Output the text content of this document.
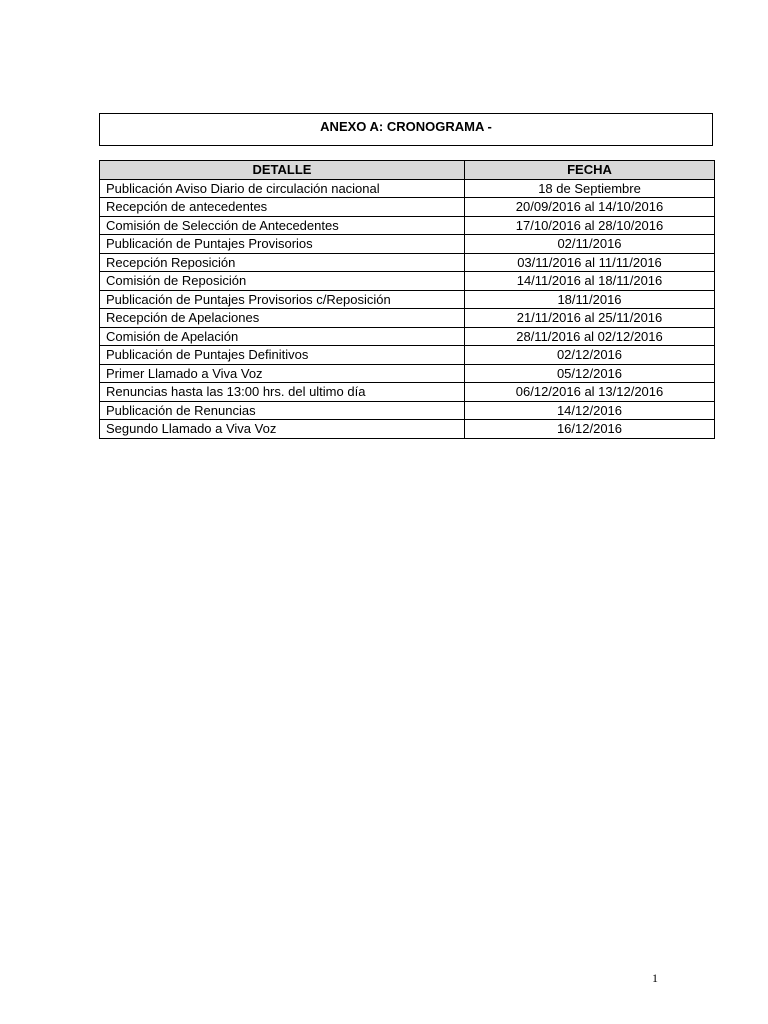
ANEXO A: CRONOGRAMA -
DETALLE	FECHA
Publicación Aviso Diario de circulación nacional	18 de Septiembre
Recepción de antecedentes	20/09/2016 al 14/10/2016
Comisión de Selección de Antecedentes	17/10/2016 al 28/10/2016
Publicación de Puntajes Provisorios	02/11/2016
Recepción Reposición	03/11/2016 al 11/11/2016
Comisión de Reposición	14/11/2016 al 18/11/2016
Publicación de Puntajes Provisorios c/Reposición	18/11/2016
Recepción de Apelaciones	21/11/2016 al 25/11/2016
Comisión de Apelación	28/11/2016 al 02/12/2016
Publicación de Puntajes Definitivos	02/12/2016
Primer Llamado a Viva Voz	05/12/2016
Renuncias hasta las 13:00 hrs. del ultimo día	06/12/2016 al 13/12/2016
Publicación de Renuncias	14/12/2016
Segundo Llamado a Viva Voz	16/12/2016
1
